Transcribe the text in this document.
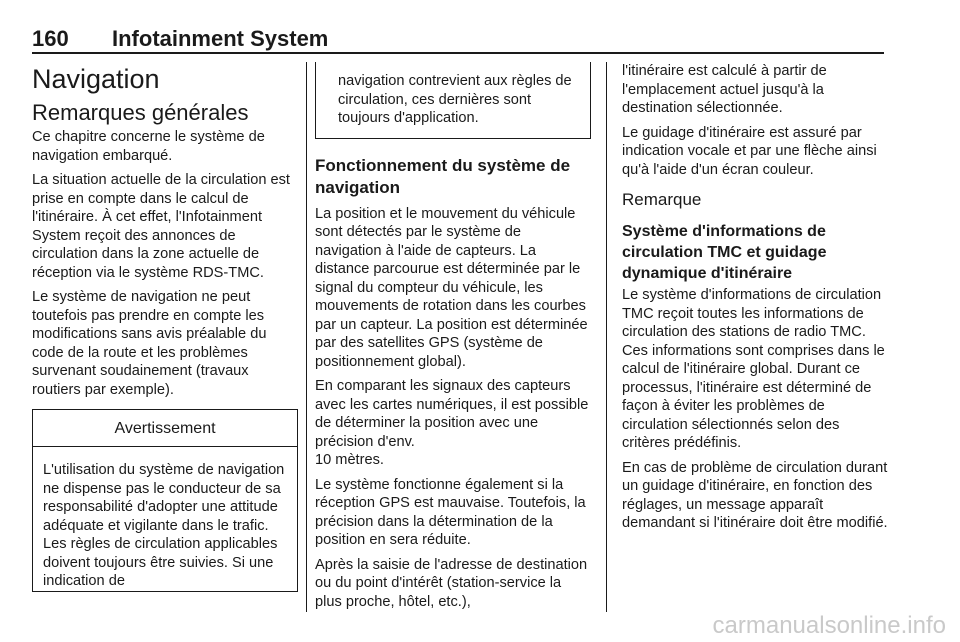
160 Infotainment System
Navigation
Remarques générales

Ce chapitre concerne le système de navigation embarqué.

La situation actuelle de la circulation est prise en compte dans le calcul de l'itinéraire. À cet effet, l'Infotainment System reçoit des annonces de circulation dans la zone actuelle de réception via le système RDS-TMC.

Le système de navigation ne peut toutefois pas prendre en compte les modifications sans avis préalable du code de la route et les problèmes survenant soudainement (travaux routiers par exemple).

Avertissement

L'utilisation du système de navigation ne dispense pas le conducteur de sa responsabilité d'adopter une attitude adéquate et vigilante dans le trafic. Les règles de circulation applicables doivent toujours être suivies. Si une indication de

navigation contrevient aux règles de circulation, ces dernières sont toujours d'application.

Fonctionnement du système de navigation

La position et le mouvement du véhicule sont détectés par le système de navigation à l'aide de capteurs. La distance parcourue est déterminée par le signal du compteur du véhicule, les mouvements de rotation dans les courbes par un capteur. La position est déterminée par des satellites GPS (système de positionnement global).

En comparant les signaux des capteurs avec les cartes numériques, il est possible de déterminer la position avec une précision d'env.

10 mètres.

Le système fonctionne également si la réception GPS est mauvaise. Toutefois, la précision dans la détermination de la position en sera réduite.

Après la saisie de l'adresse de destination ou du point d'intérêt (station-service la plus proche, hôtel, etc.),

l'itinéraire est calculé à partir de l'emplacement actuel jusqu'à la destination sélectionnée.

Le guidage d'itinéraire est assuré par indication vocale et par une flèche ainsi qu'à l'aide d'un écran couleur.

Remarque
Système d'informations de circulation TMC et guidage dynamique d'itinéraire

Le système d'informations de circulation TMC reçoit toutes les informations de circulation des stations de radio TMC. Ces informations sont comprises dans le calcul de l'itinéraire global. Durant ce processus, l'itinéraire est déterminé de façon à éviter les problèmes de circulation sélectionnés selon des critères prédéfinis.

En cas de problème de circulation durant un guidage d'itinéraire, en fonction des réglages, un message apparaît demandant si l'itinéraire doit être modifié.

carmanualsonline.info
